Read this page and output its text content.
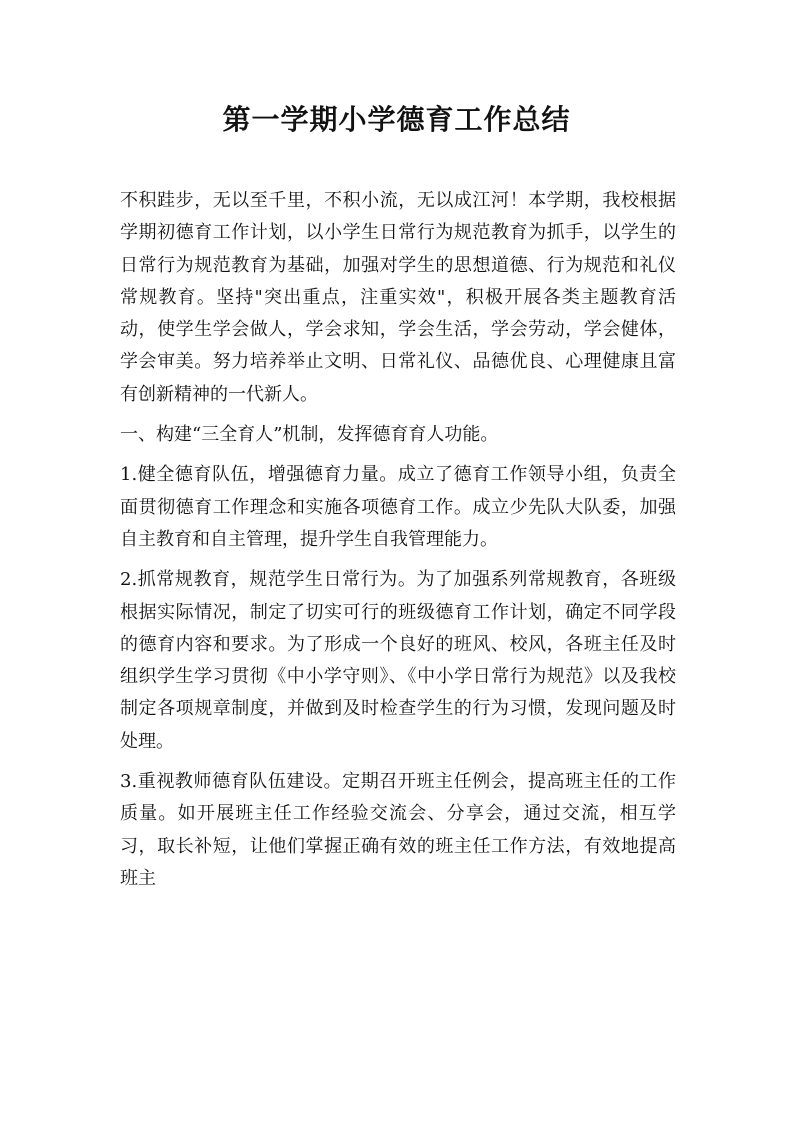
第一学期小学德育工作总结

不积跬步，无以至千里，不积小流，无以成江河！本学期，我校根据学期初德育工作计划，以小学生日常行为规范教育为抓手，以学生的日常行为规范教育为基础，加强对学生的思想道德、行为规范和礼仪常规教育。坚持"突出重点，注重实效"，积极开展各类主题教育活动，使学生学会做人，学会求知，学会生活，学会劳动，学会健体，学会审美。努力培养举止文明、日常礼仪、品德优良、心理健康且富有创新精神的一代新人。

一、构建“三全育人”机制，发挥德育育人功能。

1.健全德育队伍，增强德育力量。成立了德育工作领导小组，负责全面贯彻德育工作理念和实施各项德育工作。成立少先队大队委，加强自主教育和自主管理，提升学生自我管理能力。

2.抓常规教育，规范学生日常行为。为了加强系列常规教育，各班级根据实际情况，制定了切实可行的班级德育工作计划，确定不同学段的德育内容和要求。为了形成一个良好的班风、校风，各班主任及时组织学生学习贯彻《中小学守则》、《中小学日常行为规范》以及我校制定各项规章制度，并做到及时检查学生的行为习惯，发现问题及时处理。

3.重视教师德育队伍建设。定期召开班主任例会，提高班主任的工作质量。如开展班主任工作经验交流会、分享会，通过交流，相互学习，取长补短，让他们掌握正确有效的班主任工作方法，有效地提高班主
